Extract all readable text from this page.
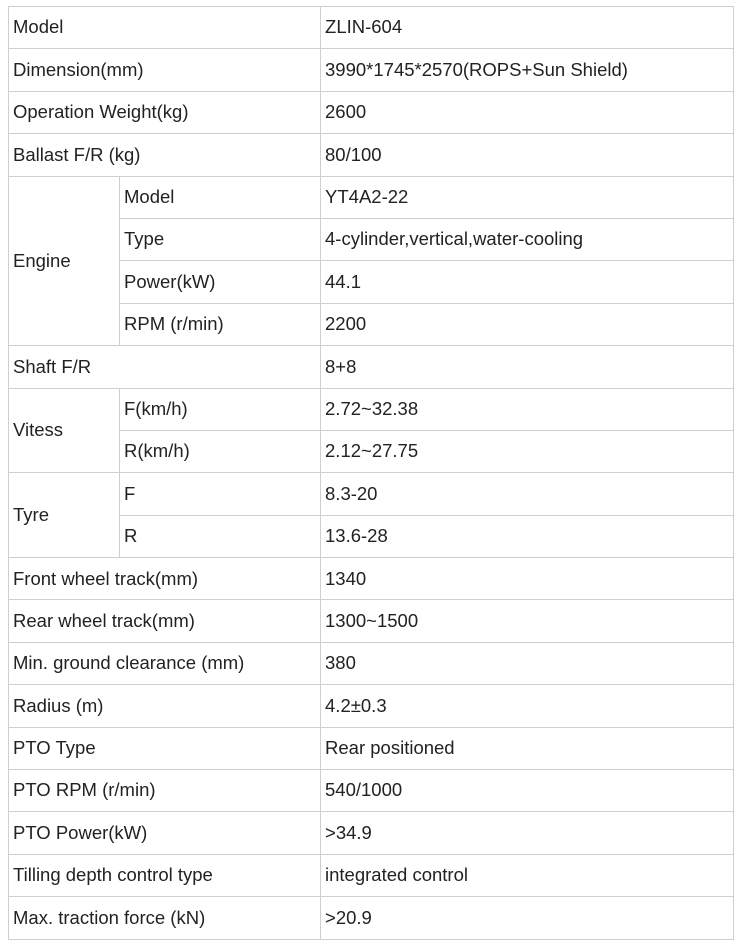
Model		ZLIN-604
Dimension(mm)		3990*1745*2570(ROPS+Sun Shield)
Operation Weight(kg)		2600
Ballast F/R (kg)		80/100
Engine	Model	YT4A2-22
	Type	4-cylinder,vertical,water-cooling
	Power(kW)	44.1
	RPM (r/min)	2200
Shaft F/R		8+8
Vitess	F(km/h)	2.72~32.38
	R(km/h)	2.12~27.75
Tyre	F	8.3-20
	R	13.6-28
Front wheel track(mm)		1340
Rear wheel track(mm)		1300~1500
Min. ground clearance (mm)		380
Radius (m)		4.2±0.3
PTO Type		Rear positioned
PTO RPM (r/min)		540/1000
PTO Power(kW)		>34.9
Tilling depth control type		integrated control
Max. traction force (kN)		>20.9
